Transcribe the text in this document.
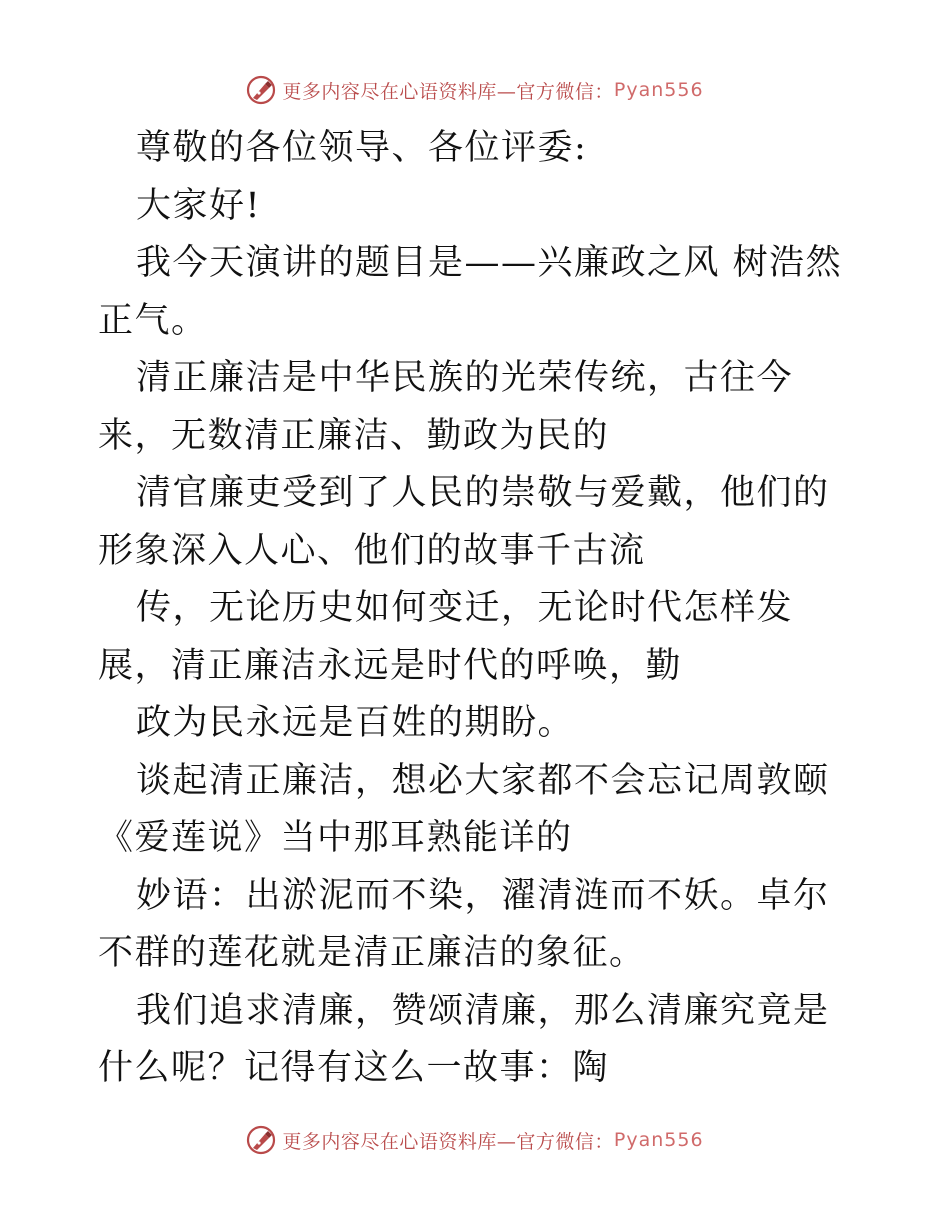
更多内容尽在心语资料库—官方微信： Pyan556

尊敬的各位领导、各位评委:

大家好!

我今天演讲的题目是——兴廉政之风 树浩然正气。

清正廉洁是中华民族的光荣传统，古往今来，无数清正廉洁、勤政为民的

清官廉吏受到了人民的崇敬与爱戴，他们的形象深入人心、他们的故事千古流

传，无论历史如何变迁，无论时代怎样发展，清正廉洁永远是时代的呼唤，勤

政为民永远是百姓的期盼。

谈起清正廉洁，想必大家都不会忘记周敦颐《爱莲说》当中那耳熟能详的

妙语：出淤泥而不染，濯清涟而不妖。卓尔不群的莲花就是清正廉洁的象征。

我们追求清廉，赞颂清廉，那么清廉究竟是什么呢？记得有这么一故事：陶

更多内容尽在心语资料库—官方微信： Pyan556
